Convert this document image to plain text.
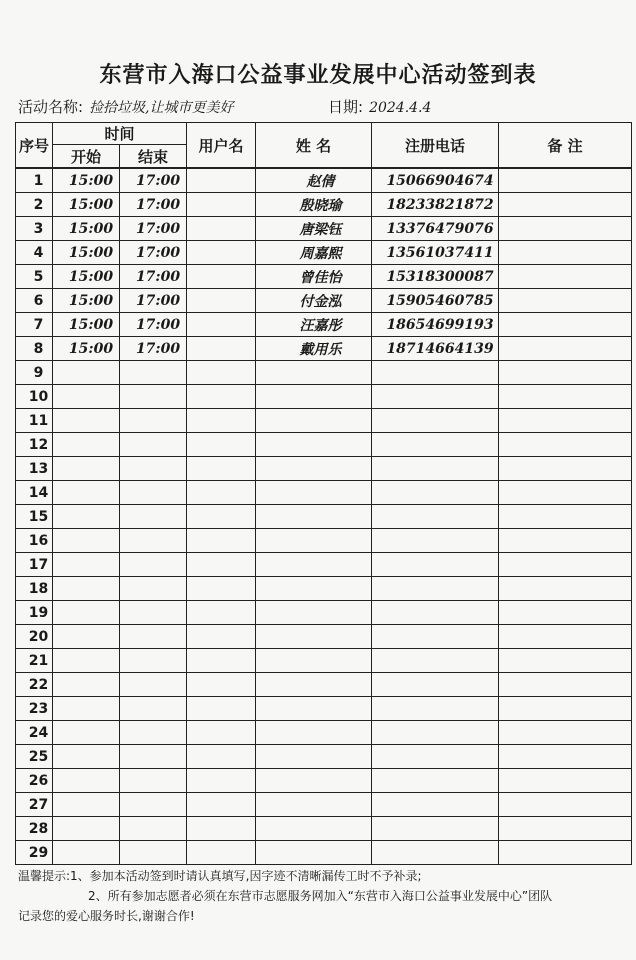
东营市入海口公益事业发展中心活动签到表
活动名称: 捡拾垃圾,让城市更美好	日期: 2024.4.4
序号	时间		用户名	姓 名	注册电话	备 注
	开始	结束				
1	15:00	17:00		赵倩	15066904674	
2	15:00	17:00		殷晓瑜	18233821872	
3	15:00	17:00		唐梁钰	13376479076	
4	15:00	17:00		周嘉熙	13561037411	
5	15:00	17:00		曾佳怡	15318300087	
6	15:00	17:00		付金泓	15905460785	
7	15:00	17:00		汪嘉彤	18654699193	
8	15:00	17:00		戴用乐	18714664139	
9						
10						
11						
12						
13						
14						
15						
16						
17						
18						
19						
20						
21						
22						
23						
24						
25						
26						
27						
28						
29						
温馨提示:1、参加本活动签到时请认真填写,因字迹不清晰漏传工时不予补录;
2、所有参加志愿者必须在东营市志愿服务网加入“东营市入海口公益事业发展中心”团队
记录您的爱心服务时长,谢谢合作!
